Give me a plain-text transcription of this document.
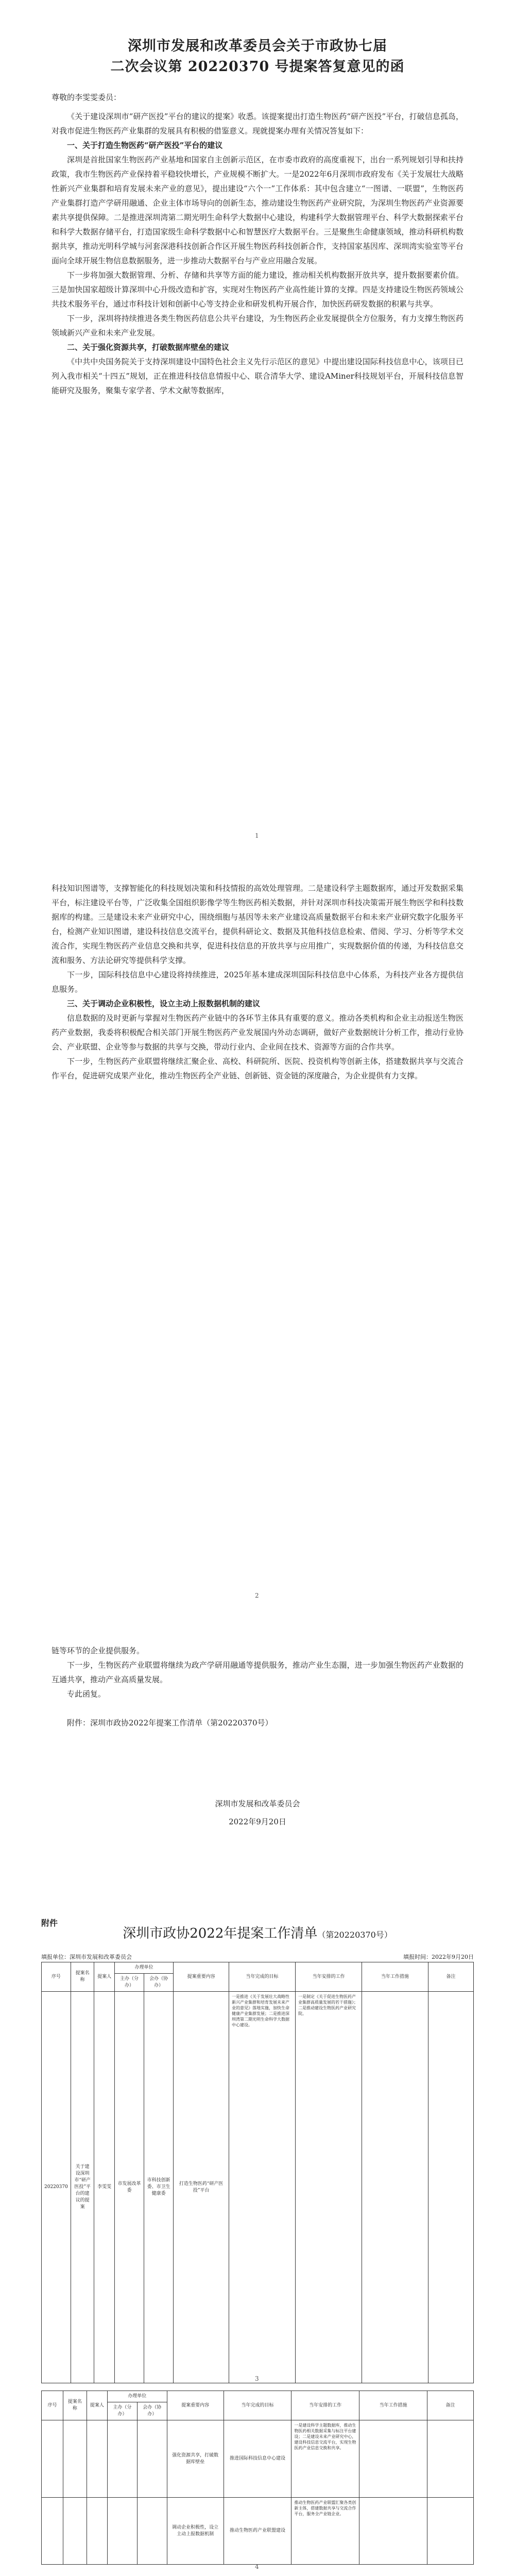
深圳市发展和改革委员会关于市政协七届
二次会议第 20220370 号提案答复意见的函
尊敬的李雯雯委员：

《关于建设深圳市“研产医投”平台的建议的提案》收悉。该提案提出打造生物医药“研产医投”平台，打破信息孤岛，对我市促进生物医药产业集群的发展具有积极的借鉴意义。现就提案办理有关情况答复如下：

一、关于打造生物医药“研产医投”平台的建议

深圳是首批国家生物医药产业基地和国家自主创新示范区，在市委市政府的高度重视下，出台一系列规划引导和扶持政策，我市生物医药产业保持着平稳较快增长，产业规模不断扩大。一是2022年6月深圳市政府发布《关于发展壮大战略性新兴产业集群和培育发展未来产业的意见》，提出建设“六个一”工作体系：其中包含建立“一图谱、一联盟”，生物医药产业集群打造产学研用融通、企业主体市场导向的创新生态，推动建设生物医药产业研究院，为深圳生物医药产业资源要素共享提供保障。二是推进深圳湾第二期光明生命科学大数据中心建设，构建科学大数据管理平台、科学大数据探索平台和科学大数据存储平台，打造国家级生命科学数据中心和智慧医疗大数据平台。三是聚焦生命健康领域，推动科研机构数据共享，推动光明科学城与河套深港科技创新合作区开展生物医药科技创新合作，支持国家基因库、深圳湾实验室等平台面向全球开展生物信息数据服务，进一步推动大数据平台与产业应用融合发展。

下一步将加强大数据管理、分析、存储和共享等方面的能力建设，推动相关机构数据开放共享，提升数据要素价值。三是加快国家超级计算深圳中心升级改造和扩容，实现对生物医药产业高性能计算的支撑。四是支持建设生物医药领域公共技术服务平台，通过市科技计划和创新中心等支持企业和研发机构开展合作，加快医药研发数据的积累与共享。

下一步，深圳将持续推进各类生物医药信息公共平台建设，为生物医药企业发展提供全方位服务，有力支撑生物医药领域新兴产业和未来产业发展。

二、关于强化资源共享，打破数据库壁垒的建议

《中共中央国务院关于支持深圳建设中国特色社会主义先行示范区的意见》中提出建设国际科技信息中心，该项目已列入我市相关“十四五”规划，正在推进科技信息情报中心、联合清华大学、建设AMiner科技规划平台，开展科技信息智能研究及服务，聚集专家学者、学术文献等数据库，

1

科技知识图谱等，支撑智能化的科技规划决策和科技情报的高效处理管理。二是建设科学主题数据库，通过开发数据采集平台，标注建设平台等，广泛收集全国组织影像学等生物医药相关数据，并针对深圳市科技决策需开展生物医学和科技数据库的构建。三是建设未来产业研究中心，围绕细胞与基因等未来产业建设高质量数据平台和未来产业研究数字化服务平台，检测产业知识图谱，建设科技信息交流平台，提供科研论文、数据及其他科技信息检索、借阅、学习、分析等学术交流合作，实现生物医药产业信息交换和共享，促进科技信息的开放共享与应用推广，实现数据价值的传递，为科技信息交流和服务、方法论研究等提供科学支撑。

下一步，国际科技信息中心建设将持续推进，2025年基本建成深圳国际科技信息中心体系，为科技产业各方提供信息服务。

三、关于调动企业积极性，设立主动上报数据机制的建议

信息数据的及时更新与掌握对生物医药产业链中的各环节主体具有重要的意义。推动各类机构和企业主动报送生物医药产业数据，我委将积极配合相关部门开展生物医药产业发展国内外动态调研，做好产业数据统计分析工作，推动行业协会、产业联盟、企业等参与数据的共享与交换，带动行业内、企业间在技术、资源等方面的合作共享。

下一步，生物医药产业联盟将继续汇聚企业、高校、科研院所、医院、投资机构等创新主体，搭建数据共享与交流合作平台，促进研究成果产业化，推动生物医药全产业链、创新链、资金链的深度融合，为企业提供有力支撑。

2

链等环节的企业提供服务。

下一步，生物医药产业联盟将继续为政产学研用融通等提供服务，推动产业生态圈，进一步加强生物医药产业数据的互通共享，推动产业高质量发展。

专此函复。

附件：深圳市政协2022年提案工作清单（第20220370号）

深圳市发展和改革委员会
2022年9月20日
附件
深圳市政协2022年提案工作清单（第20220370号）
填报单位：深圳市发展和改革委员会	填报时间：2022年9月20日
序号	提案名称	提案人	办理单位		提案重要内容	当年完成的目标	当年安排的工作	当年工作措施	备注
			主办（分办）	会办（协办）					
20220370	关于建设深圳市“研产医投”平台的建议的提案	李雯雯	市发展改革委	市科技创新委、市卫生健康委	打造生物医药“研产医投”平台	一是推进《关于发展壮大战略性新兴产业集群和培育发展未来产业的意见》落地实施，加快生命健康产业集群发展；二是推进深圳湾第二期光明生命科学大数据中心建设。	一是制定《关于促进生物医药产业集群高质量发展的若干措施》；二是推动建设生物医药产业研究院。		
3
序号	提案名称	提案人	办理单位		提案重要内容	当年完成的目标	当年安排的工作	当年工作措施	备注
			主办（分办）	会办（协办）					
					强化资源共享，打破数据库壁垒	推进国际科技信息中心建设	一是建设科学主题数据库，推动生物医药相关数据采集与标注平台建设；二是建设未来产业研究中心，建设科技信息交流平台，实现生物医药产业信息交换和共享。		
					调动企业积极性，设立主动上报数据机制	推动生物医药产业联盟建设	推动生物医药产业联盟汇聚各类创新主体，搭建数据共享与交流合作平台，服务全产业链企业。		
4
